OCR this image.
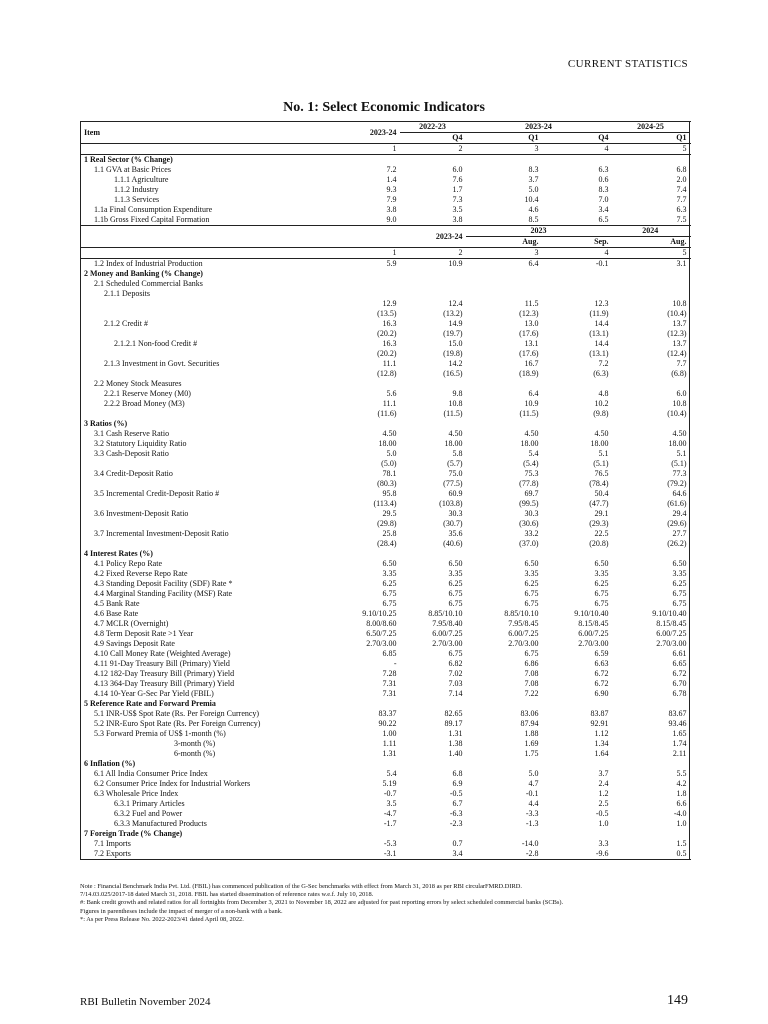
CURRENT STATISTICS
No. 1: Select Economic Indicators
Item	2023-24	2022-23	2023-24		2024-25	
		Q4	Q1	Q4	Q1	
	1	2	3	4	5	
1 Real Sector (% Change)						
1.1 GVA at Basic Prices	7.2	6.0	8.3	6.3	6.8	
1.1.1 Agriculture	1.4	7.6	3.7	0.6	2.0	
1.1.2 Industry	9.3	1.7	5.0	8.3	7.4	
1.1.3 Services	7.9	7.3	10.4	7.0	7.7	
1.1a Final Consumption Expenditure	3.8	3.5	4.6	3.4	6.3	
1.1b Gross Fixed Capital Formation	9.0	3.8	8.5	6.5	7.5	
	2023-24		2023		2024	
			Aug.	Sep.	Aug.	
	1	2	3	4	5	
1.2 Index of Industrial Production	5.9	10.9	6.4	-0.1	3.1	
2 Money and Banking (% Change)						
2.1 Scheduled Commercial Banks						
2.1.1 Deposits						
	12.9	12.4	11.5	12.3	10.8	
	(13.5)	(13.2)	(12.3)	(11.9)	(10.4)	
2.1.2 Credit #	16.3	14.9	13.0	14.4	13.7	
	(20.2)	(19.7)	(17.6)	(13.1)	(12.3)	
2.1.2.1 Non-food Credit #	16.3	15.0	13.1	14.4	13.7	
	(20.2)	(19.8)	(17.6)	(13.1)	(12.4)	
2.1.3 Investment in Govt. Securities	11.1	14.2	16.7	7.2	7.7	
	(12.8)	(16.5)	(18.9)	(6.3)	(6.8)	

2.2 Money Stock Measures						
2.2.1 Reserve Money (M0)	5.6	9.8	6.4	4.8	6.0	
2.2.2 Broad Money (M3)	11.1	10.8	10.9	10.2	10.8	
	(11.6)	(11.5)	(11.5)	(9.8)	(10.4)	
3 Ratios (%)						
3.1 Cash Reserve Ratio	4.50	4.50	4.50	4.50	4.50	
3.2 Statutory Liquidity Ratio	18.00	18.00	18.00	18.00	18.00	
3.3 Cash-Deposit Ratio	5.0	5.8	5.4	5.1	5.1	
	(5.0)	(5.7)	(5.4)	(5.1)	(5.1)	
3.4 Credit-Deposit Ratio	78.1	75.0	75.3	76.5	77.3	
	(80.3)	(77.5)	(77.8)	(78.4)	(79.2)	
3.5 Incremental Credit-Deposit Ratio #	95.8	60.9	69.7	50.4	64.6	
	(113.4)	(103.8)	(99.5)	(47.7)	(61.6)	
3.6 Investment-Deposit Ratio	29.5	30.3	30.3	29.1	29.4	
	(29.8)	(30.7)	(30.6)	(29.3)	(29.6)	
3.7 Incremental Investment-Deposit Ratio	25.8	35.6	33.2	22.5	27.7	
	(28.4)	(40.6)	(37.0)	(20.8)	(26.2)	
4 Interest Rates (%)						
4.1 Policy Repo Rate	6.50	6.50	6.50	6.50	6.50	
4.2 Fixed Reverse Repo Rate	3.35	3.35	3.35	3.35	3.35	
4.3 Standing Deposit Facility (SDF) Rate *	6.25	6.25	6.25	6.25	6.25	
4.4 Marginal Standing Facility (MSF) Rate	6.75	6.75	6.75	6.75	6.75	
4.5 Bank Rate	6.75	6.75	6.75	6.75	6.75	
4.6 Base Rate	9.10/10.25	8.85/10.10	8.85/10.10	9.10/10.40	9.10/10.40	
4.7 MCLR (Overnight)	8.00/8.60	7.95/8.40	7.95/8.45	8.15/8.45	8.15/8.45	
4.8 Term Deposit Rate >1 Year	6.50/7.25	6.00/7.25	6.00/7.25	6.00/7.25	6.00/7.25	
4.9 Savings Deposit Rate	2.70/3.00	2.70/3.00	2.70/3.00	2.70/3.00	2.70/3.00	
4.10 Call Money Rate (Weighted Average)	6.85	6.75	6.75	6.59	6.61	
4.11 91-Day Treasury Bill (Primary) Yield	-	6.82	6.86	6.63	6.65	
4.12 182-Day Treasury Bill (Primary) Yield	7.28	7.02	7.08	6.72	6.72	
4.13 364-Day Treasury Bill (Primary) Yield	7.31	7.03	7.08	6.72	6.70	
4.14 10-Year G-Sec Par Yield (FBIL)	7.31	7.14	7.22	6.90	6.78	
5 Reference Rate and Forward Premia						
5.1 INR-US$ Spot Rate (Rs. Per Foreign Currency)	83.37	82.65	83.06	83.87	83.67	
5.2 INR-Euro Spot Rate (Rs. Per Foreign Currency)	90.22	89.17	87.94	92.91	93.46	
5.3 Forward Premia of US$ 1-month (%)	1.00	1.31	1.88	1.12	1.65	
3-month (%)	1.11	1.38	1.69	1.34	1.74	
6-month (%)	1.31	1.40	1.75	1.64	2.11	
6 Inflation (%)						
6.1 All India Consumer Price Index	5.4	6.8	5.0	3.7	5.5	
6.2 Consumer Price Index for Industrial Workers	5.19	6.9	4.7	2.4	4.2	
6.3 Wholesale Price Index	-0.7	-0.5	-0.1	1.2	1.8	
6.3.1 Primary Articles	3.5	6.7	4.4	2.5	6.6	
6.3.2 Fuel and Power	-4.7	-6.3	-3.3	-0.5	-4.0	
6.3.3 Manufactured Products	-1.7	-2.3	-1.3	1.0	1.0	
7 Foreign Trade (% Change)						
7.1 Imports	-5.3	0.7	-14.0	3.3	1.5	
7.2 Exports	-3.1	3.4	-2.8	-9.6	0.5	
Note : Financial Benchmark India Pvt. Ltd. (FBIL) has commenced publication of the G-Sec benchmarks with effect from March 31, 2018 as per RBI circularFMRD.DIRD.
7/14.03.025/2017-18 dated March 31, 2018. FBIL has started dissemination of reference rates w.e.f. July 10, 2018.
#: Bank credit growth and related ratios for all fortnights from December 3, 2021 to November 18, 2022 are adjusted for past reporting errors by select scheduled commercial banks (SCBs).
Figures in parentheses include the impact of merger of a non-bank with a bank.
*: As per Press Release No. 2022-2023/41 dated April 08, 2022.
RBI Bulletin November 2024	149
